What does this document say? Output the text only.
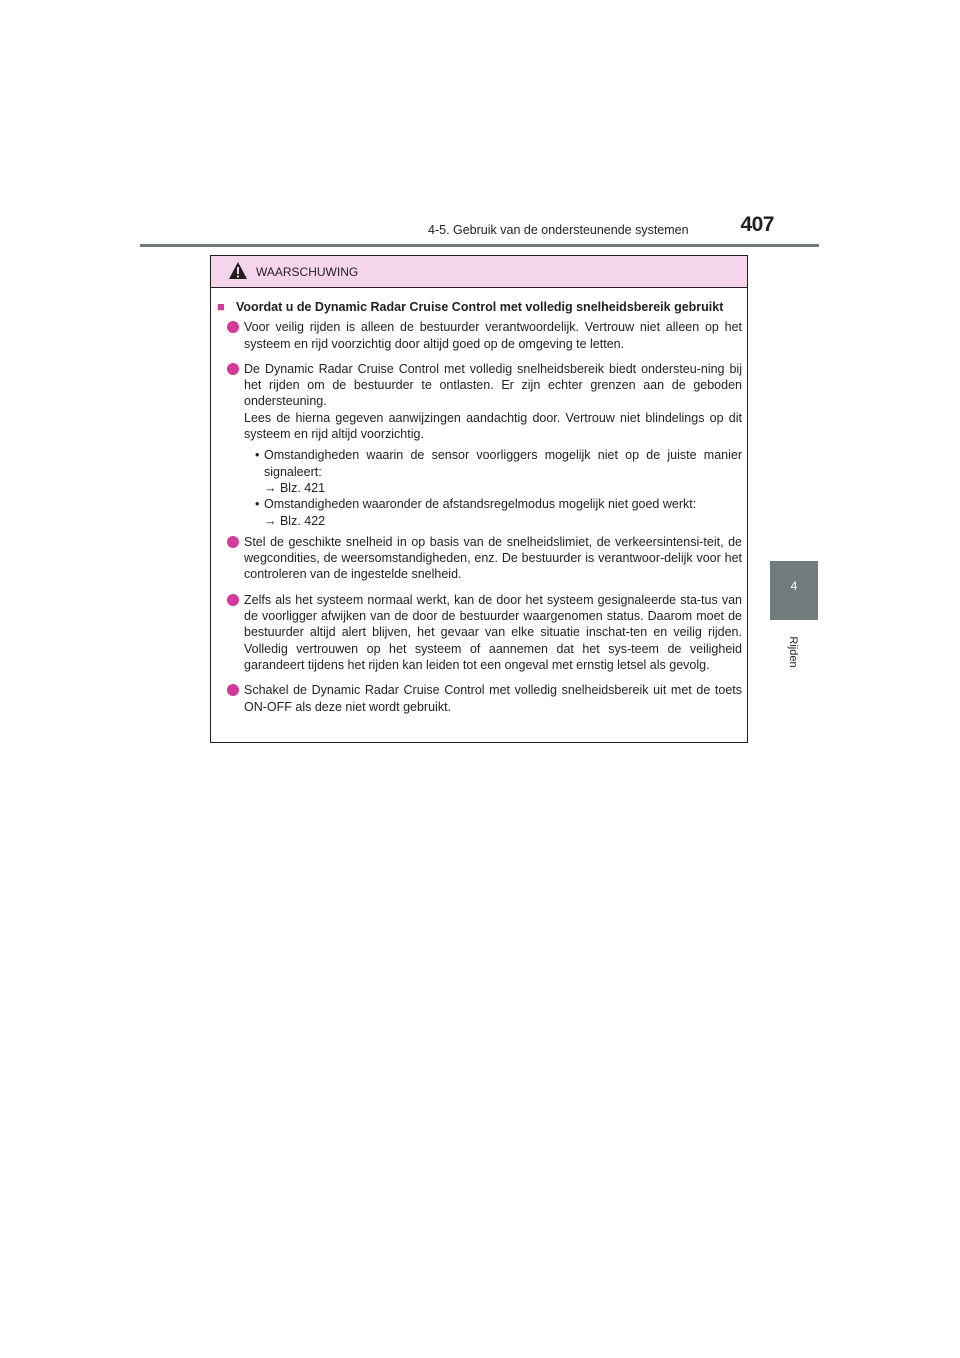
4-5. Gebruik van de ondersteunende systemen 407
4
Rijden
WAARSCHUWING
■ Voordat u de Dynamic Radar Cruise Control met volledig snelheidsbereik gebruikt
Voor veilig rijden is alleen de bestuurder verantwoordelijk. Vertrouw niet alleen op het systeem en rijd voorzichtig door altijd goed op de omgeving te letten.
De Dynamic Radar Cruise Control met volledig snelheidsbereik biedt ondersteu-ning bij het rijden om de bestuurder te ontlasten. Er zijn echter grenzen aan de geboden ondersteuning.
Lees de hierna gegeven aanwijzingen aandachtig door. Vertrouw niet blindelings op dit systeem en rijd altijd voorzichtig.
• Omstandigheden waarin de sensor voorliggers mogelijk niet op de juiste manier signaleert:
→ Blz. 421
• Omstandigheden waaronder de afstandsregelmodus mogelijk niet goed werkt:
→ Blz. 422
Stel de geschikte snelheid in op basis van de snelheidslimiet, de verkeersintensi-teit, de wegcondities, de weersomstandigheden, enz. De bestuurder is verantwoor-delijk voor het controleren van de ingestelde snelheid.
Zelfs als het systeem normaal werkt, kan de door het systeem gesignaleerde sta-tus van de voorligger afwijken van de door de bestuurder waargenomen status. Daarom moet de bestuurder altijd alert blijven, het gevaar van elke situatie inschat-ten en veilig rijden. Volledig vertrouwen op het systeem of aannemen dat het sys-teem de veiligheid garandeert tijdens het rijden kan leiden tot een ongeval met ernstig letsel als gevolg.
Schakel de Dynamic Radar Cruise Control met volledig snelheidsbereik uit met de toets ON-OFF als deze niet wordt gebruikt.
